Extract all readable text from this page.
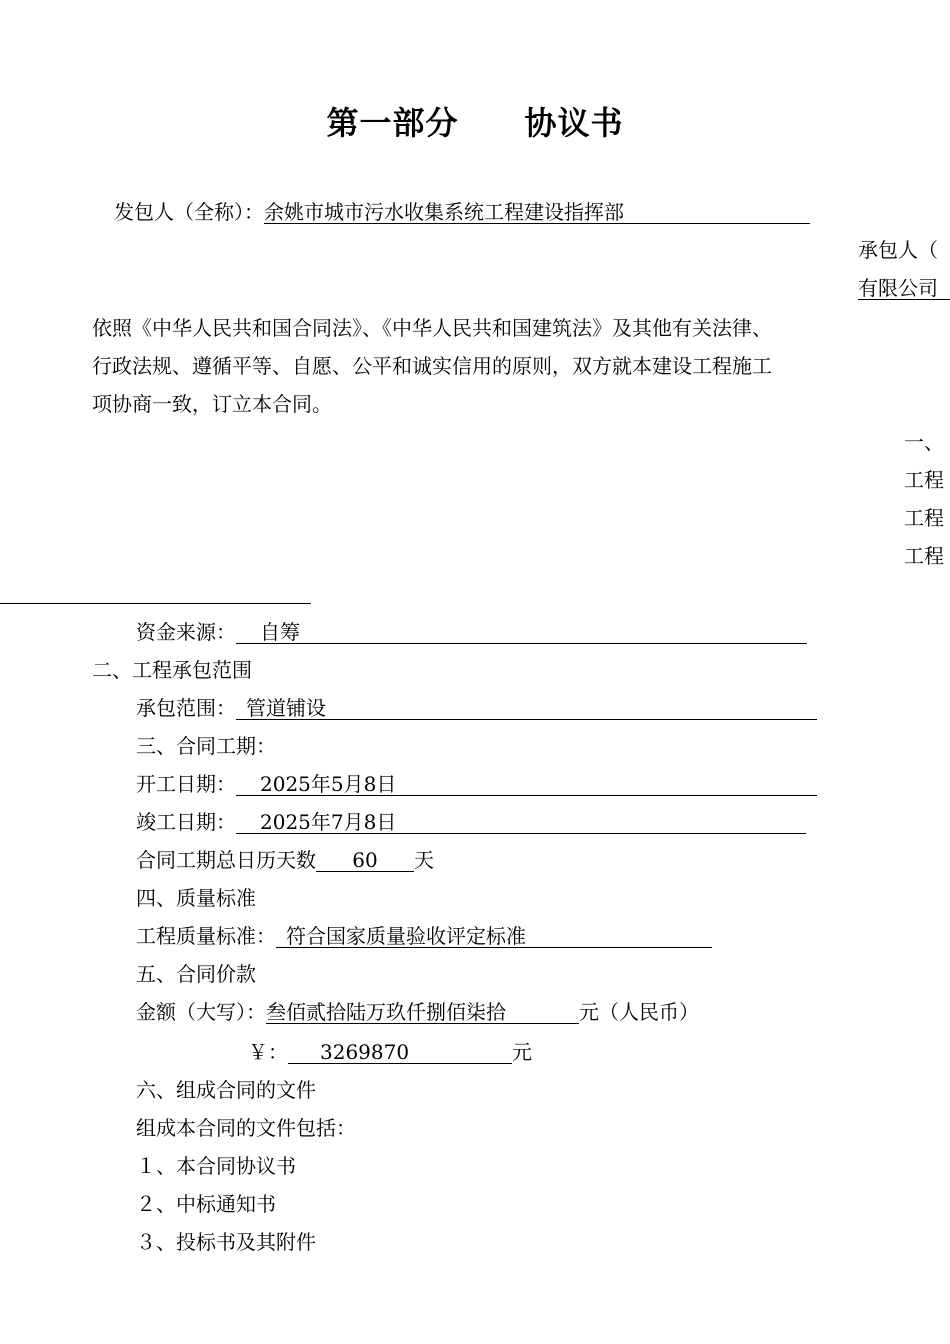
第一部分　　协议书
发包人（全称）：余姚市城市污水收集系统工程建设指挥部
承包人（
有限公司
依照《中华人民共和国合同法》、《中华人民共和国建筑法》及其他有关法律、
行政法规、遵循平等、自愿、公平和诚实信用的原则，双方就本建设工程施工
项协商一致，订立本合同。
一、
工程
工程
工程
资金来源： 自筹
二、工程承包范围
承包范围： 管道铺设
三、合同工期：
开工日期： 2025年5月8日
竣工日期： 2025年7月8日
合同工期总日历天数 60 天
四、质量标准
工程质量标准： 符合国家质量验收评定标准
五、合同价款
金额（大写）：叁佰贰拾陆万玖仟捌佰柒拾	元（人民币）
￥： 3269870	元
六、组成合同的文件
组成本合同的文件包括：
１、本合同协议书
２、中标通知书
３、投标书及其附件
